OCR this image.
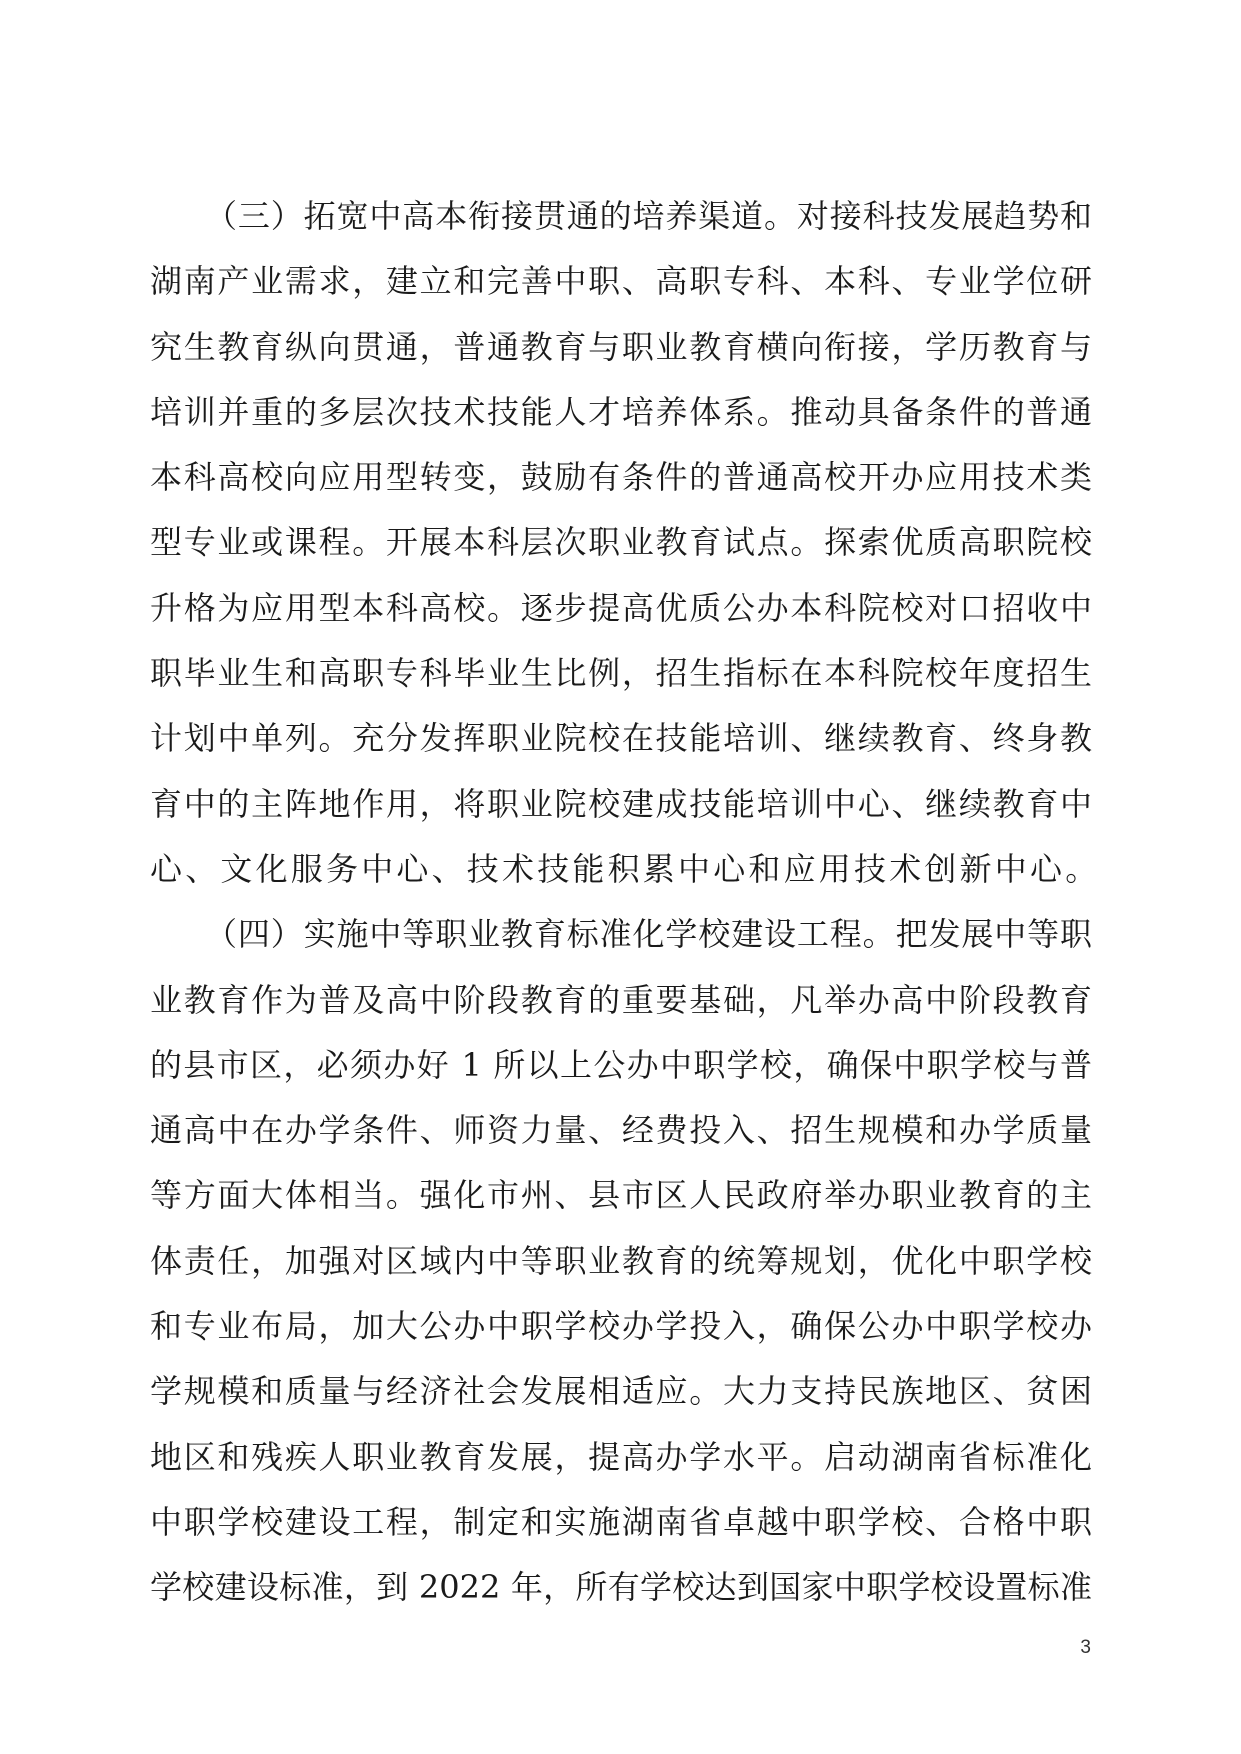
（三）拓宽中高本衔接贯通的培养渠道。对接科技发展趋势和
湖南产业需求，建立和完善中职、高职专科、本科、专业学位研
究生教育纵向贯通，普通教育与职业教育横向衔接，学历教育与
培训并重的多层次技术技能人才培养体系。推动具备条件的普通
本科高校向应用型转变，鼓励有条件的普通高校开办应用技术类
型专业或课程。开展本科层次职业教育试点。探索优质高职院校
升格为应用型本科高校。逐步提高优质公办本科院校对口招收中
职毕业生和高职专科毕业生比例，招生指标在本科院校年度招生
计划中单列。充分发挥职业院校在技能培训、继续教育、终身教
育中的主阵地作用，将职业院校建成技能培训中心、继续教育中
心、文化服务中心、技术技能积累中心和应用技术创新中心。
（四）实施中等职业教育标准化学校建设工程。把发展中等职
业教育作为普及高中阶段教育的重要基础，凡举办高中阶段教育
的县市区，必须办好 1 所以上公办中职学校，确保中职学校与普
通高中在办学条件、师资力量、经费投入、招生规模和办学质量
等方面大体相当。强化市州、县市区人民政府举办职业教育的主
体责任，加强对区域内中等职业教育的统筹规划，优化中职学校
和专业布局，加大公办中职学校办学投入，确保公办中职学校办
学规模和质量与经济社会发展相适应。大力支持民族地区、贫困
地区和残疾人职业教育发展，提高办学水平。启动湖南省标准化
中职学校建设工程，制定和实施湖南省卓越中职学校、合格中职
学校建设标准，到 2022 年，所有学校达到国家中职学校设置标准
3
